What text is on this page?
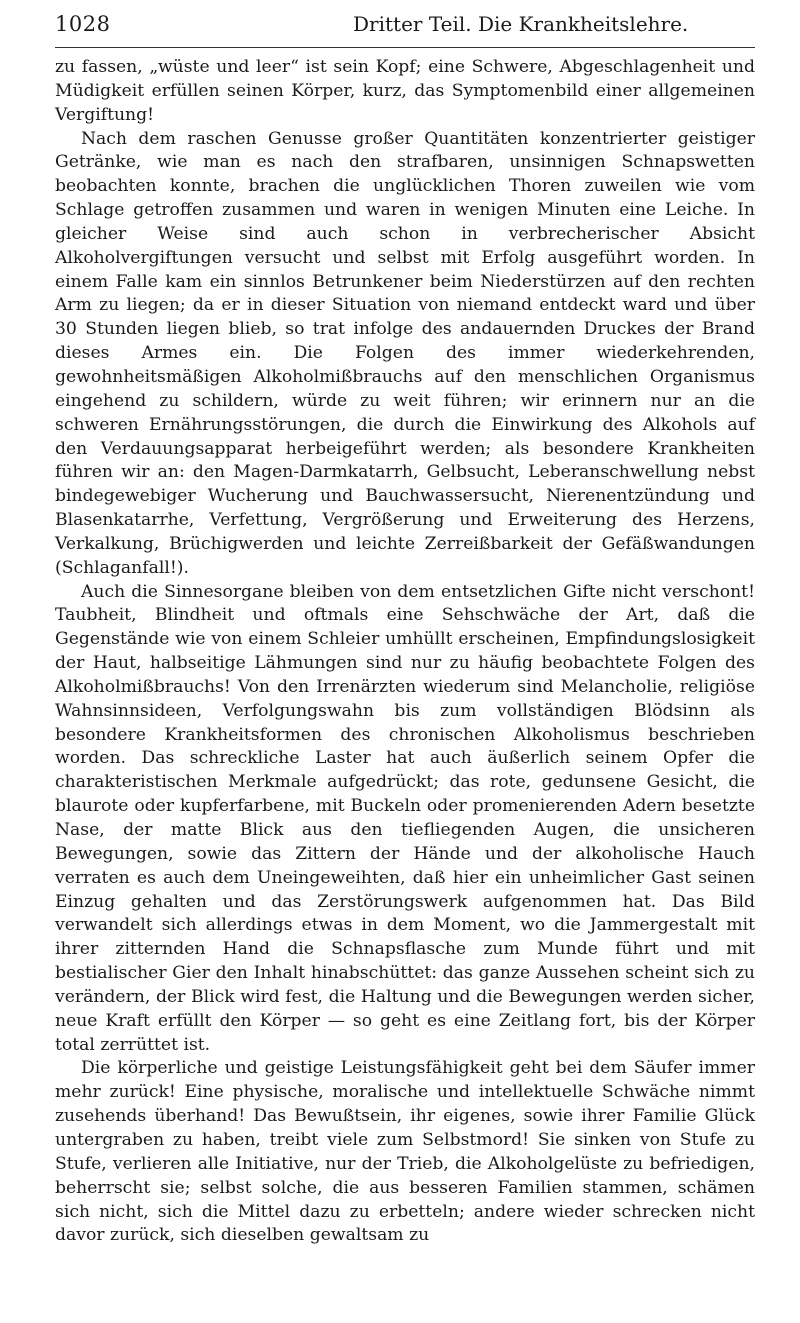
1028	Dritter Teil. Die Krankheitslehre.

zu fassen, „wüste und leer“ ist sein Kopf; eine Schwere, Abgeschlagenheit und Müdigkeit erfüllen seinen Körper, kurz, das Symptomenbild einer allgemeinen Vergiftung!

Nach dem raschen Genusse großer Quantitäten konzentrierter geistiger Getränke, wie man es nach den strafbaren, unsinnigen Schnapswetten beobachten konnte, brachen die unglücklichen Thoren zuweilen wie vom Schlage getroffen zusammen und waren in wenigen Minuten eine Leiche. In gleicher Weise sind auch schon in verbrecherischer Absicht Alkoholvergiftungen versucht und selbst mit Erfolg ausgeführt worden. In einem Falle kam ein sinnlos Betrunkener beim Niederstürzen auf den rechten Arm zu liegen; da er in dieser Situation von niemand entdeckt ward und über 30 Stunden liegen blieb, so trat infolge des andauernden Druckes der Brand dieses Armes ein. Die Folgen des immer wiederkehrenden, gewohnheitsmäßigen Alkoholmißbrauchs auf den menschlichen Organismus eingehend zu schildern, würde zu weit führen; wir erinnern nur an die schweren Ernährungsstörungen, die durch die Einwirkung des Alkohols auf den Verdauungsapparat herbeigeführt werden; als besondere Krankheiten führen wir an: den Magen-Darmkatarrh, Gelbsucht, Leberanschwellung nebst bindegewebiger Wucherung und Bauchwassersucht, Nierenentzündung und Blasenkatarrhe, Verfettung, Vergrößerung und Erweiterung des Herzens, Verkalkung, Brüchigwerden und leichte Zerreißbarkeit der Gefäßwandungen (Schlaganfall!).

Auch die Sinnesorgane bleiben von dem entsetzlichen Gifte nicht verschont! Taubheit, Blindheit und oftmals eine Sehschwäche der Art, daß die Gegenstände wie von einem Schleier umhüllt erscheinen, Empfindungslosigkeit der Haut, halbseitige Lähmungen sind nur zu häufig beobachtete Folgen des Alkoholmißbrauchs! Von den Irrenärzten wiederum sind Melancholie, religiöse Wahnsinnsideen, Verfolgungswahn bis zum vollständigen Blödsinn als besondere Krankheitsformen des chronischen Alkoholismus beschrieben worden. Das schreckliche Laster hat auch äußerlich seinem Opfer die charakteristischen Merkmale aufgedrückt; das rote, gedunsene Gesicht, die blaurote oder kupferfarbene, mit Buckeln oder promenierenden Adern besetzte Nase, der matte Blick aus den tiefliegenden Augen, die unsicheren Bewegungen, sowie das Zittern der Hände und der alkoholische Hauch verraten es auch dem Uneingeweihten, daß hier ein unheimlicher Gast seinen Einzug gehalten und das Zerstörungswerk aufgenommen hat. Das Bild verwandelt sich allerdings etwas in dem Moment, wo die Jammergestalt mit ihrer zitternden Hand die Schnapsflasche zum Munde führt und mit bestialischer Gier den Inhalt hinabschüttet: das ganze Aussehen scheint sich zu verändern, der Blick wird fest, die Haltung und die Bewegungen werden sicher, neue Kraft erfüllt den Körper — so geht es eine Zeitlang fort, bis der Körper total zerrüttet ist.

Die körperliche und geistige Leistungsfähigkeit geht bei dem Säufer immer mehr zurück! Eine physische, moralische und intellektuelle Schwäche nimmt zusehends überhand! Das Bewußtsein, ihr eigenes, sowie ihrer Familie Glück untergraben zu haben, treibt viele zum Selbstmord! Sie sinken von Stufe zu Stufe, verlieren alle Initiative, nur der Trieb, die Alkoholgelüste zu befriedigen, beherrscht sie; selbst solche, die aus besseren Familien stammen, schämen sich nicht, sich die Mittel dazu zu erbetteln; andere wieder schrecken nicht davor zurück, sich dieselben gewaltsam zu
